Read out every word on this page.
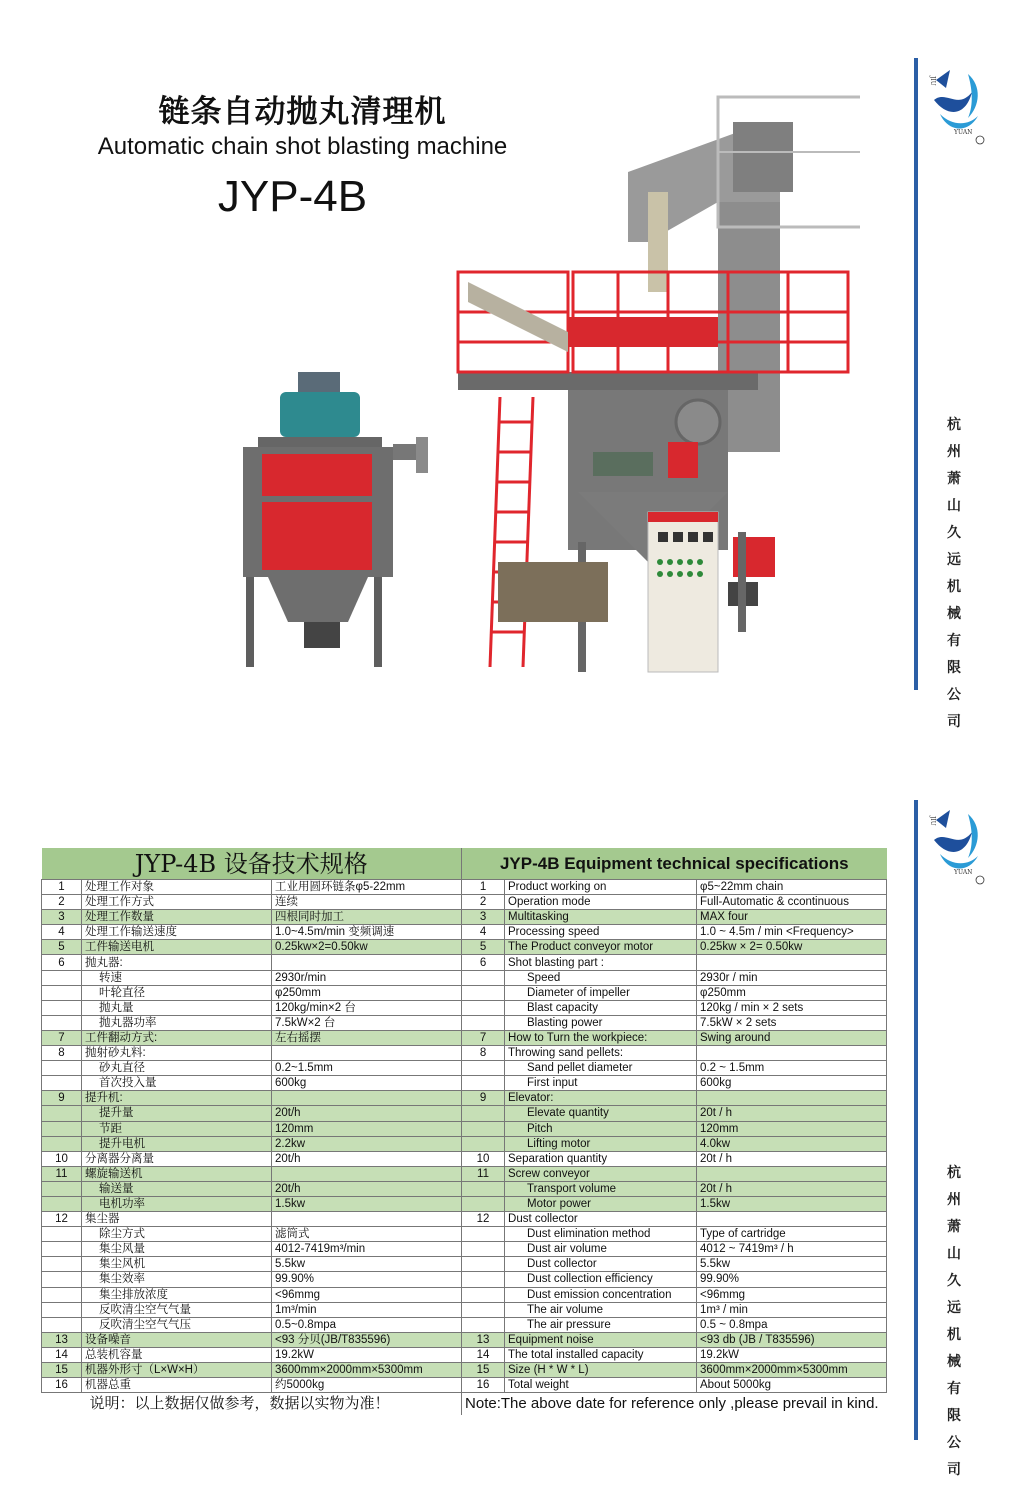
JIU
YUAN
JIU
YUAN
杭
州
萧
山
久
远
机
械
有
限
公
司
杭
州
萧
山
久
远
机
械
有
限
公
司
链条自动抛丸清理机
Automatic chain shot blasting machine
JYP-4B
JYP-4B 设备技术规格			JYP-4B Equipment technical specifications		
1	处理工作对象	工业用圆环链条φ5-22mm	1	Product working on	φ5~22mm chain
2	处理工作方式	连续	2	Operation mode	Full-Automatic & ccontinuous
3	处理工作数量	四根同时加工	3	Multitasking	MAX four
4	处理工作输送速度	1.0~4.5m/min 变频调速	4	Processing speed	1.0 ~ 4.5m / min <Frequency>
5	工件输送电机	0.25kw×2=0.50kw	5	The Product conveyor motor	0.25kw × 2= 0.50kw
6	抛丸器:		6	Shot blasting part :	
	转速	2930r/min		Speed	2930r / min
	叶轮直径	φ250mm		Diameter of impeller	φ250mm
	抛丸量	120kg/min×2 台		Blast capacity	120kg / min × 2 sets
	抛丸器功率	7.5kW×2 台		Blasting power	7.5kW × 2 sets
7	工件翻动方式:	左右摇摆	7	How to Turn the workpiece:	Swing around
8	抛射砂丸料:		8	Throwing sand pellets:	
	砂丸直径	0.2~1.5mm		Sand pellet diameter	0.2 ~ 1.5mm
	首次投入量	600kg		First input	600kg
9	提升机:		9	Elevator:	
	提升量	20t/h		Elevate quantity	20t / h
	节距	120mm		Pitch	120mm
	提升电机	2.2kw		Lifting motor	4.0kw
10	分离器分离量	20t/h	10	Separation quantity	20t / h
11	螺旋输送机		11	Screw conveyor	
	输送量	20t/h		Transport volume	20t / h
	电机功率	1.5kw		Motor power	1.5kw
12	集尘器		12	Dust collector	
	除尘方式	滤筒式		Dust elimination method	Type of cartridge
	集尘风量	4012-7419m³/min		Dust air volume	4012 ~ 7419m³ / h
	集尘风机	5.5kw		Dust collector	5.5kw
	集尘效率	99.90%		Dust collection efficiency	99.90%
	集尘排放浓度	<96mmg		Dust emission concentration	<96mmg
	反吹清尘空气气量	1m³/min		The air volume	1m³ / min
	反吹清尘空气气压	0.5~0.8mpa		The air pressure	0.5 ~ 0.8mpa
13	设备噪音	<93 分贝(JB/T835596)	13	Equipment noise	<93 db (JB / T835596)
14	总装机容量	19.2kW	14	The total installed capacity	19.2kW
15	机器外形寸（L×W×H）	3600mm×2000mm×5300mm	15	Size (H * W * L)	3600mm×2000mm×5300mm
16	机器总重	约5000kg	16	Total weight	About 5000kg
说明：以上数据仅做参考，数据以实物为准！			Note:The above date for reference only ,please prevail in kind.		
